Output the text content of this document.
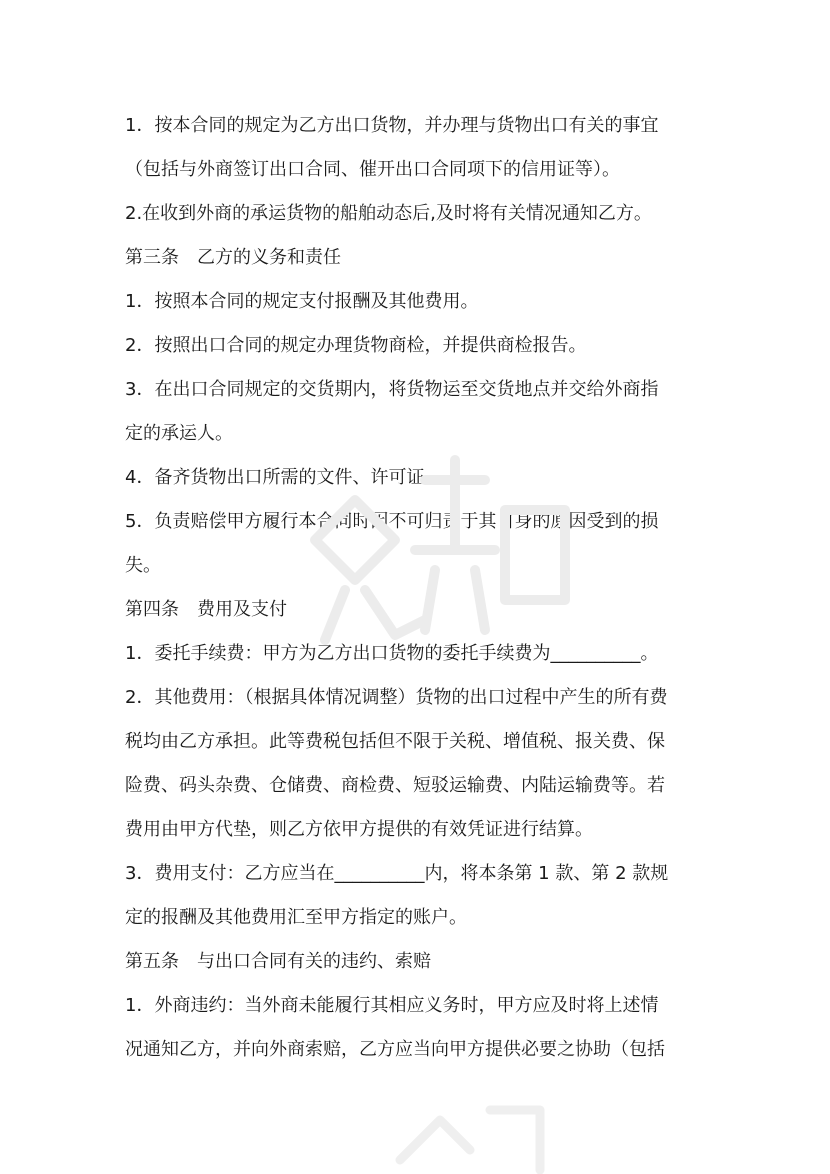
1．按本合同的规定为乙方出口货物，并办理与货物出口有关的事宜

（包括与外商签订出口合同、催开出口合同项下的信用证等）。

2.在收到外商的承运货物的船舶动态后,及时将有关情况通知乙方。

第三条　乙方的义务和责任

1．按照本合同的规定支付报酬及其他费用。

2．按照出口合同的规定办理货物商检，并提供商检报告。

3．在出口合同规定的交货期内，将货物运至交货地点并交给外商指

定的承运人。

4．备齐货物出口所需的文件、许可证。

5．负责赔偿甲方履行本合同时因不可归责于其自身的原因受到的损

失。

第四条　费用及支付

1．委托手续费：甲方为乙方出口货物的委托手续费为__________。

2．其他费用：（根据具体情况调整）货物的出口过程中产生的所有费

税均由乙方承担。此等费税包括但不限于关税、增值税、报关费、保

险费、码头杂费、仓储费、商检费、短驳运输费、内陆运输费等。若

费用由甲方代垫，则乙方依甲方提供的有效凭证进行结算。

3．费用支付：乙方应当在__________内，将本条第 1 款、第 2 款规

定的报酬及其他费用汇至甲方指定的账户。

第五条　与出口合同有关的违约、索赔

1．外商违约：当外商未能履行其相应义务时，甲方应及时将上述情

况通知乙方，并向外商索赔，乙方应当向甲方提供必要之协助（包括
